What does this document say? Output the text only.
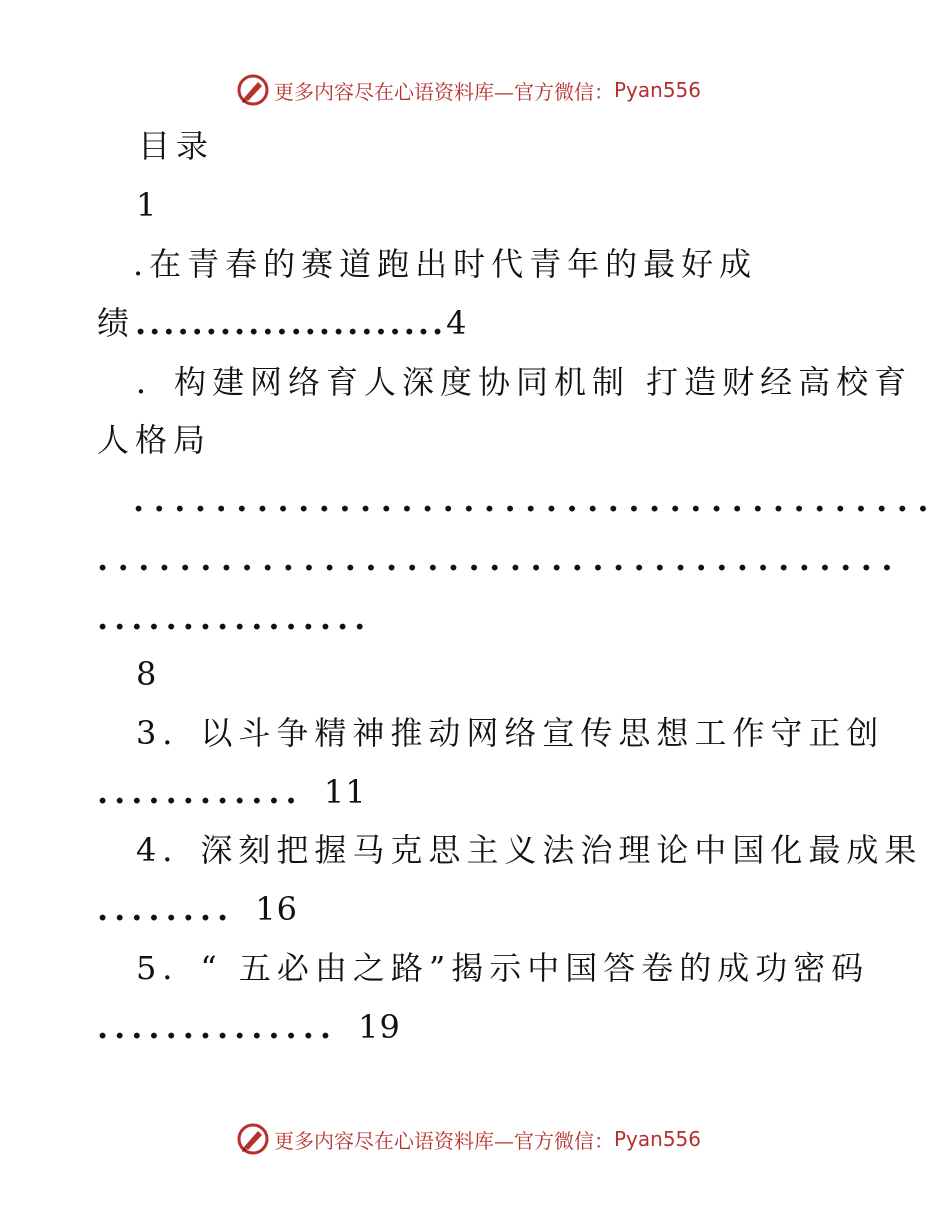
更多内容尽在心语资料库—官方微信： Pyan556
目录
1
.在青春的赛道跑出时代青年的最好成
绩......................4
．构建网络育人深度协同机制 打造财经高校育
人格局
.......................................
.......................................
................
8
3．以斗争精神推动网络宣传思想工作守正创
............ 11
4．深刻把握马克思主义法治理论中国化最成果
........ 16
5．“ 五必由之路”揭示中国答卷的成功密码
.............. 19
更多内容尽在心语资料库—官方微信： Pyan556
